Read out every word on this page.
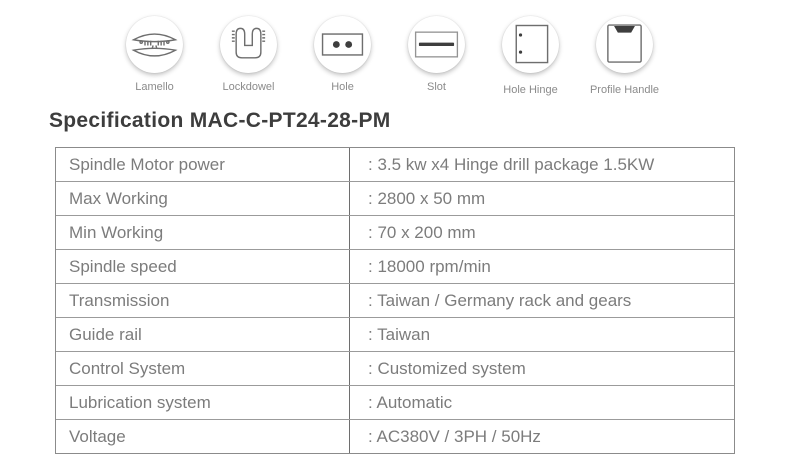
Lamello	Lockdowel	Hole	Slot	Hole Hinge	Profile Handle
Specification MAC-C-PT24-28-PM
Spindle Motor power	: 3.5 kw x4 Hinge drill package 1.5KW
Max Working	: 2800 x 50 mm
Min Working	: 70 x 200 mm
Spindle speed	: 18000 rpm/min
Transmission	: Taiwan / Germany rack and gears
Guide rail	: Taiwan
Control System	: Customized system
Lubrication system	: Automatic
Voltage	: AC380V / 3PH / 50Hz
